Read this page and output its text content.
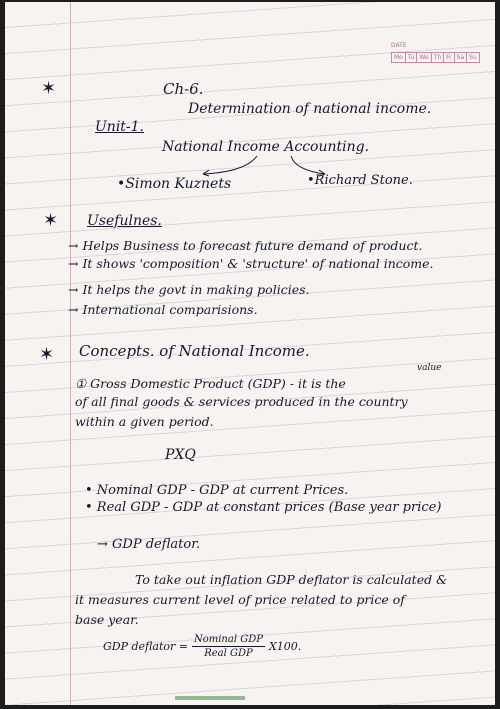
DATE
Mo Tu We Th Fr Sa Su
✶	Ch-6.
Determination of national income.
Unit-1.
National Income Accounting.
•Simon Kuznets	•Richard Stone.
✶ Usefulnes.
→ Helps Business to forecast future demand of product.
→ It shows 'composition' & 'structure' of national income.
→ It helps the govt in making policies.
→ International comparisions.
✶ Concepts. of National Income.
value
① Gross Domestic Product (GDP) - it is the
of all final goods & services produced in the country
within a given period.
PXQ
• Nominal GDP - GDP at current Prices.
• Real GDP - GDP at constant prices (Base year price)
→ GDP deflator.
To take out inflation GDP deflator is calculated &
it measures current level of price related to price of
base year.
GDP deflator = $\frac{\text{Nominal GDP}}{\text{Real GDP}} X100$.
